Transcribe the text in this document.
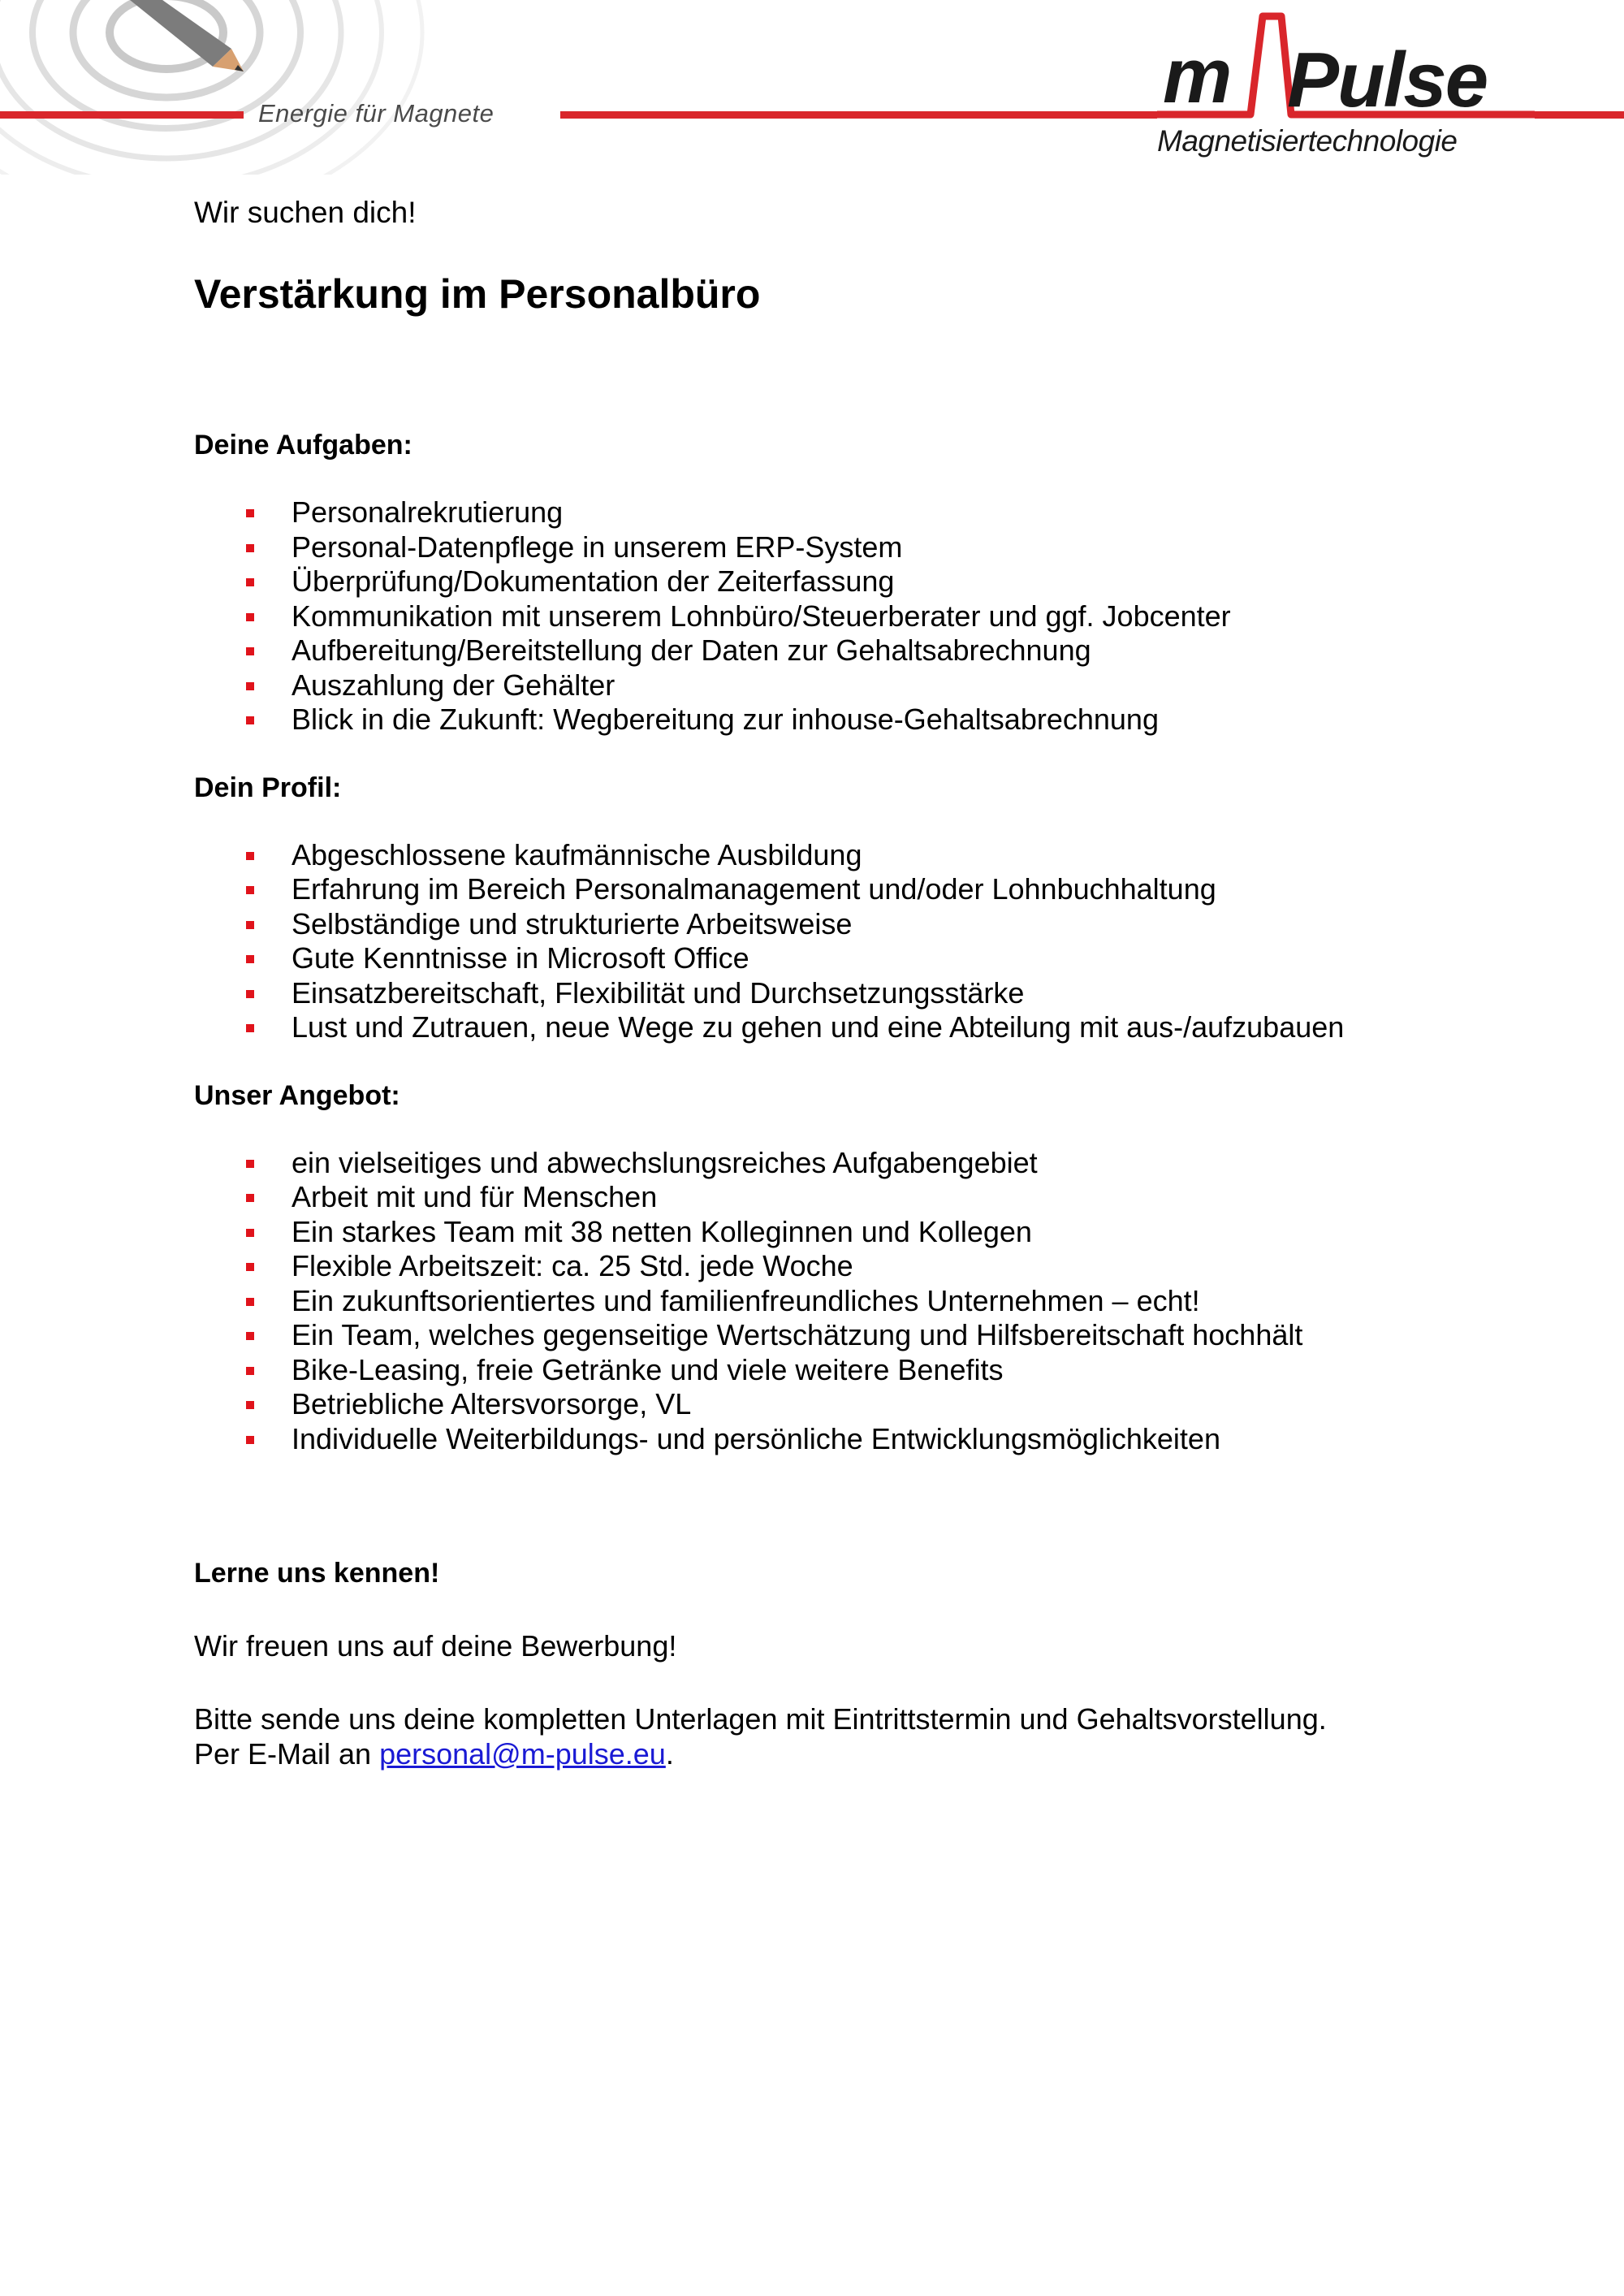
m
Energie für Magnete	Pulse
Magnetisiertechnologie

Wir suchen dich!

Verstärkung im Personalbüro
Deine Aufgaben:
Personalrekrutierung
Personal-Datenpflege in unserem ERP-System
Überprüfung/Dokumentation der Zeiterfassung
Kommunikation mit unserem Lohnbüro/Steuerberater und ggf. Jobcenter
Aufbereitung/Bereitstellung der Daten zur Gehaltsabrechnung
Auszahlung der Gehälter
Blick in die Zukunft: Wegbereitung zur inhouse-Gehaltsabrechnung
Dein Profil:
Abgeschlossene kaufmännische Ausbildung
Erfahrung im Bereich Personalmanagement und/oder Lohnbuchhaltung
Selbständige und strukturierte Arbeitsweise
Gute Kenntnisse in Microsoft Office
Einsatzbereitschaft, Flexibilität und Durchsetzungsstärke
Lust und Zutrauen, neue Wege zu gehen und eine Abteilung mit aus-/aufzubauen
Unser Angebot:
ein vielseitiges und abwechslungsreiches Aufgabengebiet
Arbeit mit und für Menschen
Ein starkes Team mit 38 netten Kolleginnen und Kollegen
Flexible Arbeitszeit: ca. 25 Std. jede Woche
Ein zukunftsorientiertes und familienfreundliches Unternehmen – echt!
Ein Team, welches gegenseitige Wertschätzung und Hilfsbereitschaft hochhält
Bike-Leasing, freie Getränke und viele weitere Benefits
Betriebliche Altersvorsorge, VL
Individuelle Weiterbildungs- und persönliche Entwicklungsmöglichkeiten
Lerne uns kennen!

Wir freuen uns auf deine Bewerbung!

Bitte sende uns deine kompletten Unterlagen mit Eintrittstermin und Gehaltsvorstellung.

Per E-Mail an personal@m-pulse.eu.
